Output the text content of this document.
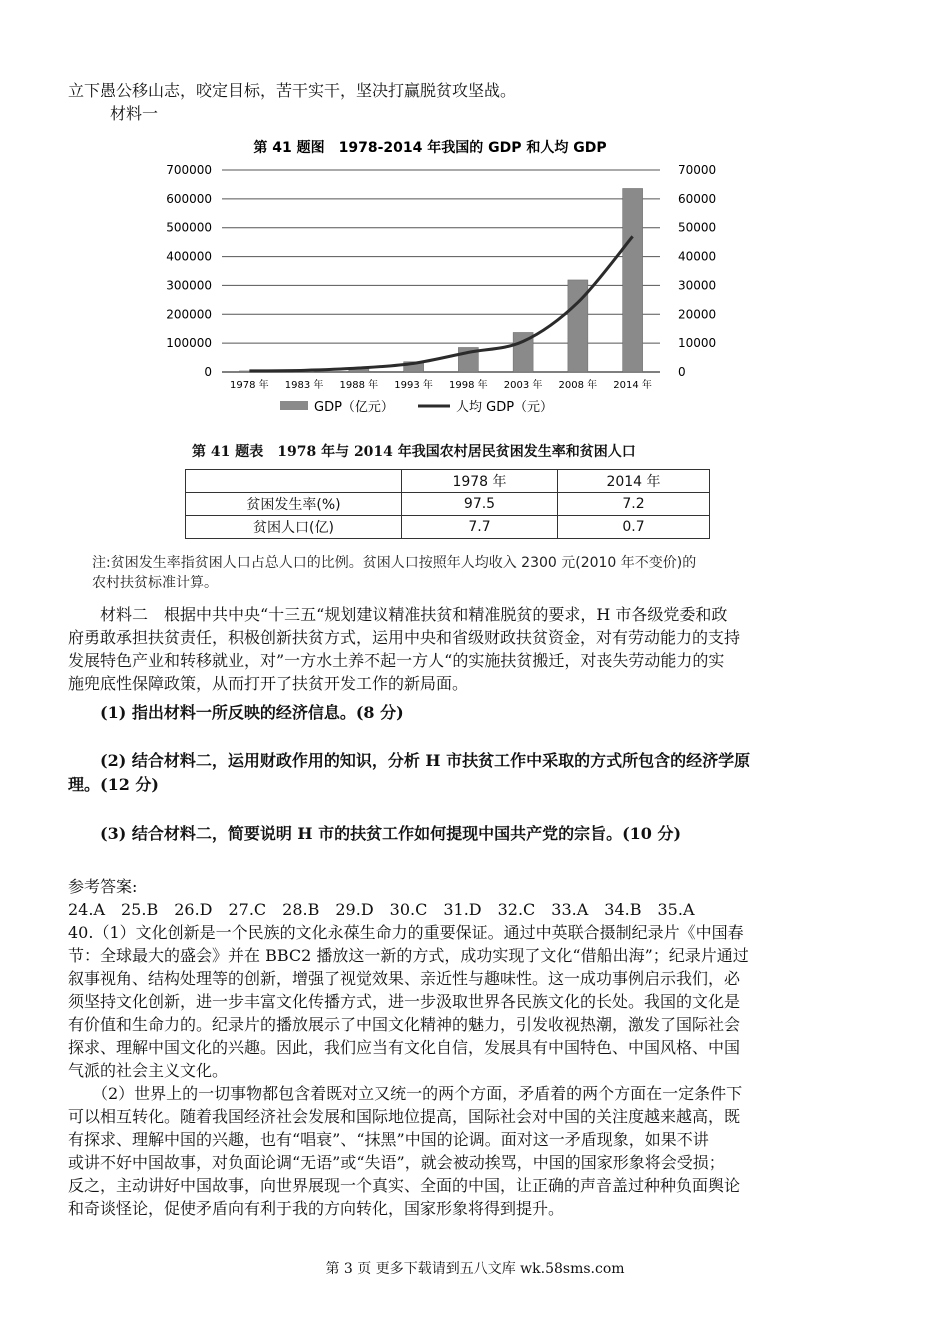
立下愚公移山志，咬定目标，苦干实干，坚决打赢脱贫攻坚战。
材料一
第 41 题图　1978-2014 年我国的 GDP 和人均 GDP
0	0
100000	10000
200000	20000
300000	30000
400000	40000
500000	50000
600000	60000
700000	70000
1978 年 1983 年 1988 年 1993 年 1998 年 2003 年 2008 年 2014 年
GDP（亿元）	人均 GDP（元）
第 41 题表　1978 年与 2014 年我国农村居民贫困发生率和贫困人口
	1978 年	2014 年
贫困发生率(%)	97.5	7.2
贫困人口(亿)	7.7	0.7
注:贫困发生率指贫困人口占总人口的比例。贫困人口按照年人均收入 2300 元(2010 年不变价)的
农村扶贫标准计算。
　　材料二　根据中共中央“十三五“规划建议精准扶贫和精准脱贫的要求，H 市各级党委和政
府勇敢承担扶贫责任，积极创新扶贫方式，运用中央和省级财政扶贫资金，对有劳动能力的支持
发展特色产业和转移就业，对”一方水土养不起一方人“的实施扶贫搬迁，对丧失劳动能力的实
施兜底性保障政策，从而打开了扶贫开发工作的新局面。
　　(1) 指出材料一所反映的经济信息。(8 分)
　　(2) 结合材料二，运用财政作用的知识，分析 H 市扶贫工作中采取的方式所包含的经济学原
理。(12 分)
　　(3) 结合材料二，简要说明 H 市的扶贫工作如何提现中国共产党的宗旨。(10 分)
参考答案:
24.A　25.B　26.D　27.C　28.B　29.D　30.C　31.D　32.C　33.A　34.B　35.A
40.（1）文化创新是一个民族的文化永葆生命力的重要保证。通过中英联合摄制纪录片《中国春
节：全球最大的盛会》并在 BBC2 播放这一新的方式，成功实现了文化“借船出海”；纪录片通过
叙事视角、结构处理等的创新，增强了视觉效果、亲近性与趣味性。这一成功事例启示我们，必
须坚持文化创新，进一步丰富文化传播方式，进一步汲取世界各民族文化的长处。我国的文化是
有价值和生命力的。纪录片的播放展示了中国文化精神的魅力，引发收视热潮，激发了国际社会
探求、理解中国文化的兴趣。因此，我们应当有文化自信，发展具有中国特色、中国风格、中国
气派的社会主义文化。
　　（2）世界上的一切事物都包含着既对立又统一的两个方面，矛盾着的两个方面在一定条件下
可以相互转化。随着我国经济社会发展和国际地位提高，国际社会对中国的关注度越来越高，既
有探求、理解中国的兴趣，也有“唱衰”、“抹黑”中国的论调。面对这一矛盾现象，如果不讲
或讲不好中国故事，对负面论调“无语”或“失语”，就会被动挨骂，中国的国家形象将会受损；
反之，主动讲好中国故事，向世界展现一个真实、全面的中国，让正确的声音盖过种种负面舆论
和奇谈怪论，促使矛盾向有利于我的方向转化，国家形象将得到提升。
第 3 页 更多下载请到五八文库 wk.58sms.com
